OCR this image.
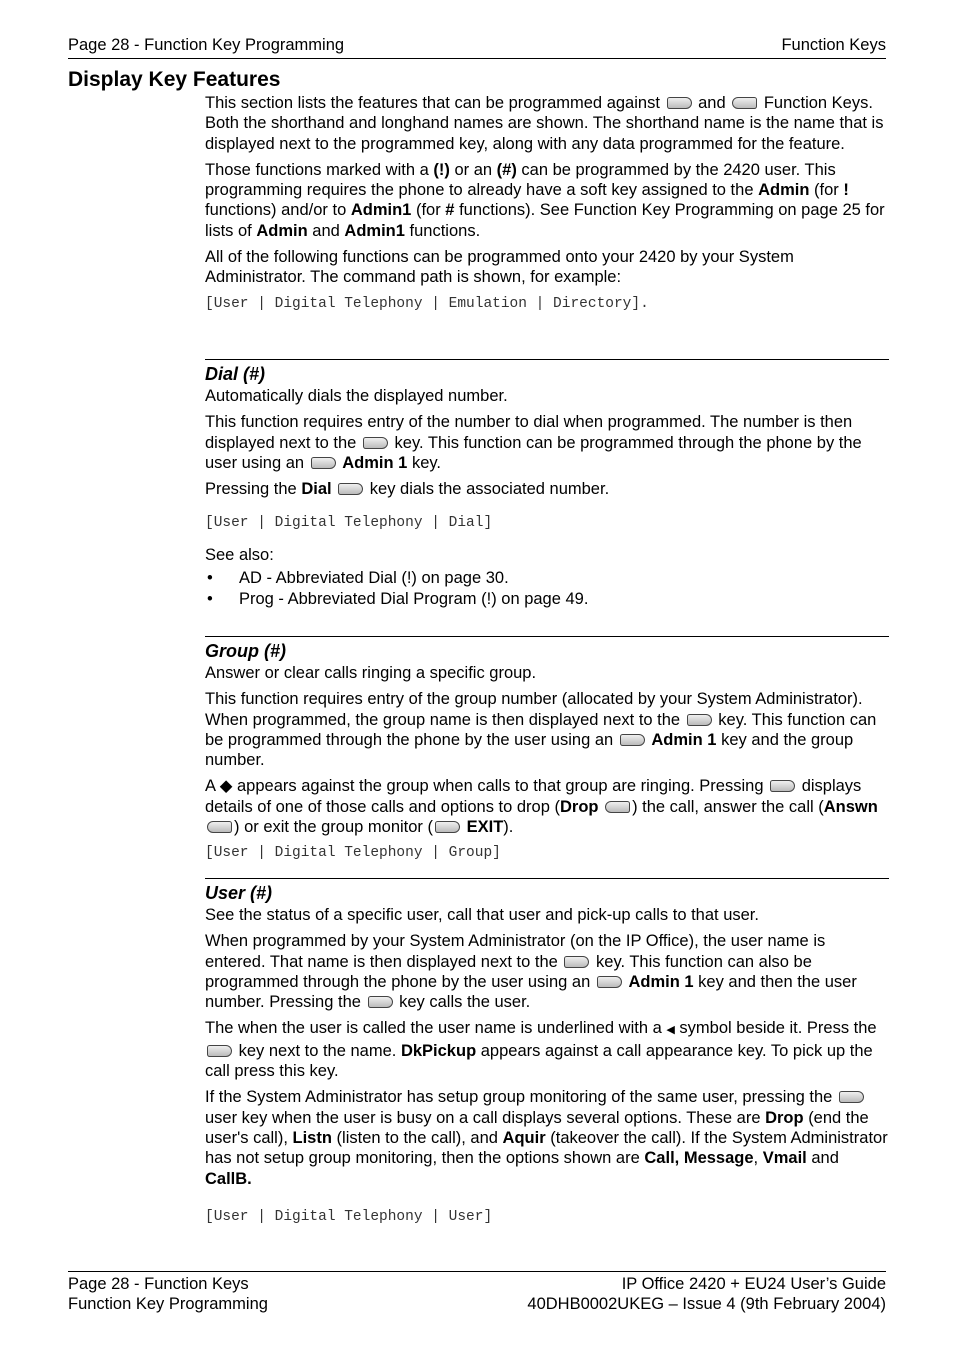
Page 28 - Function Key Programming	Function Keys
Display Key Features

This section lists the features that can be programmed against and Function Keys. Both the shorthand and longhand names are shown. The shorthand name is the name that is displayed next to the programmed key, along with any data programmed for the feature.

Those functions marked with a (!) or an (#) can be programmed by the 2420 user. This programming requires the phone to already have a soft key assigned to the Admin (for ! functions) and/or to Admin1 (for # functions). See Function Key Programming on page 25 for lists of Admin and Admin1 functions.

All of the following functions can be programmed onto your 2420 by your System Administrator. The command path is shown, for example:

[User | Digital Telephony | Emulation | Directory].
Dial (#)

Automatically dials the displayed number.

This function requires entry of the number to dial when programmed. The number is then displayed next to the key. This function can be programmed through the phone by the user using an Admin 1 key.

Pressing the Dial key dials the associated number.

[User | Digital Telephony | Dial]

See also:

• AD - Abbreviated Dial (!) on page 30.
• Prog - Abbreviated Dial Program (!) on page 49.
Group (#)

Answer or clear calls ringing a specific group.

This function requires entry of the group number (allocated by your System Administrator). When programmed, the group name is then displayed next to the key. This function can be programmed through the phone by the user using an Admin 1 key and the group number.

A ◆ appears against the group when calls to that group are ringing. Pressing displays details of one of those calls and options to drop (Drop ) the call, answer the call (Answn ) or exit the group monitor ( EXIT).

[User | Digital Telephony | Group]
User (#)

See the status of a specific user, call that user and pick-up calls to that user.

When programmed by your System Administrator (on the IP Office), the user name is entered. That name is then displayed next to the key. This function can also be programmed through the phone by the user using an Admin 1 key and then the user number. Pressing the key calls the user.

The when the user is called the user name is underlined with a ◀ symbol beside it. Press the  key next to the name. DkPickup appears against a call appearance key. To pick up the call press this key.

If the System Administrator has setup group monitoring of the same user, pressing the  user key when the user is busy on a call displays several options. These are Drop (end the user's call), Listn (listen to the call), and Aquir (takeover the call). If the System Administrator has not setup group monitoring, then the options shown are Call, Message, Vmail and CallB.

[User | Digital Telephony | User]
Page 28 - Function Keys
Function Key Programming
IP Office 2420 + EU24 User’s Guide
40DHB0002UKEG – Issue 4 (9th February 2004)
